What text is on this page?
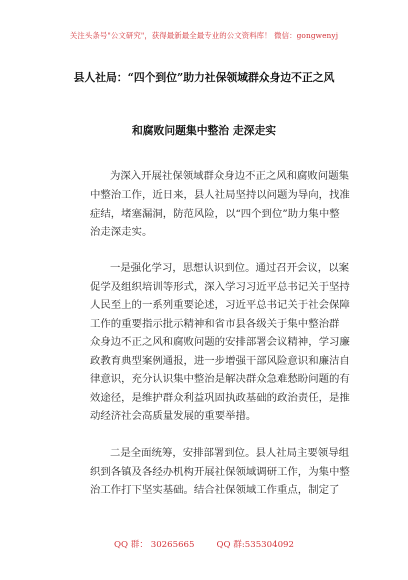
关注头条号"公文研究"，获得最新最全最专业的公文资料库！ 微信：gongwenyj
县人社局：“四个到位”助力社保领域群众身边不正之风
和腐败问题集中整治 走深走实
为深入开展社保领域群众身边不正之风和腐败问题集
中整治工作，近日来，县人社局坚持以问题为导向，找准
症结，堵塞漏洞，防范风险，以“四个到位”助力集中整
治走深走实。
一是强化学习，思想认识到位。通过召开会议，以案
促学及组织培训等形式，深入学习习近平总书记关于坚持
人民至上的一系列重要论述，习近平总书记关于社会保障
工作的重要指示批示精神和省市县各级关于集中整治群
众身边不正之风和腐败问题的安排部署会议精神，学习廉
政教育典型案例通报，进一步增强干部风险意识和廉洁自
律意识，充分认识集中整治是解决群众急难愁盼问题的有
效途径，是维护群众利益巩固执政基础的政治责任，是推
动经济社会高质量发展的重要举措。
二是全面统筹，安排部署到位。县人社局主要领导组
织到各镇及各经办机构开展社保领域调研工作，为集中整
治工作打下坚实基础。结合社保领域工作重点，制定了
QQ 群： 30265665	QQ 群:535304092
